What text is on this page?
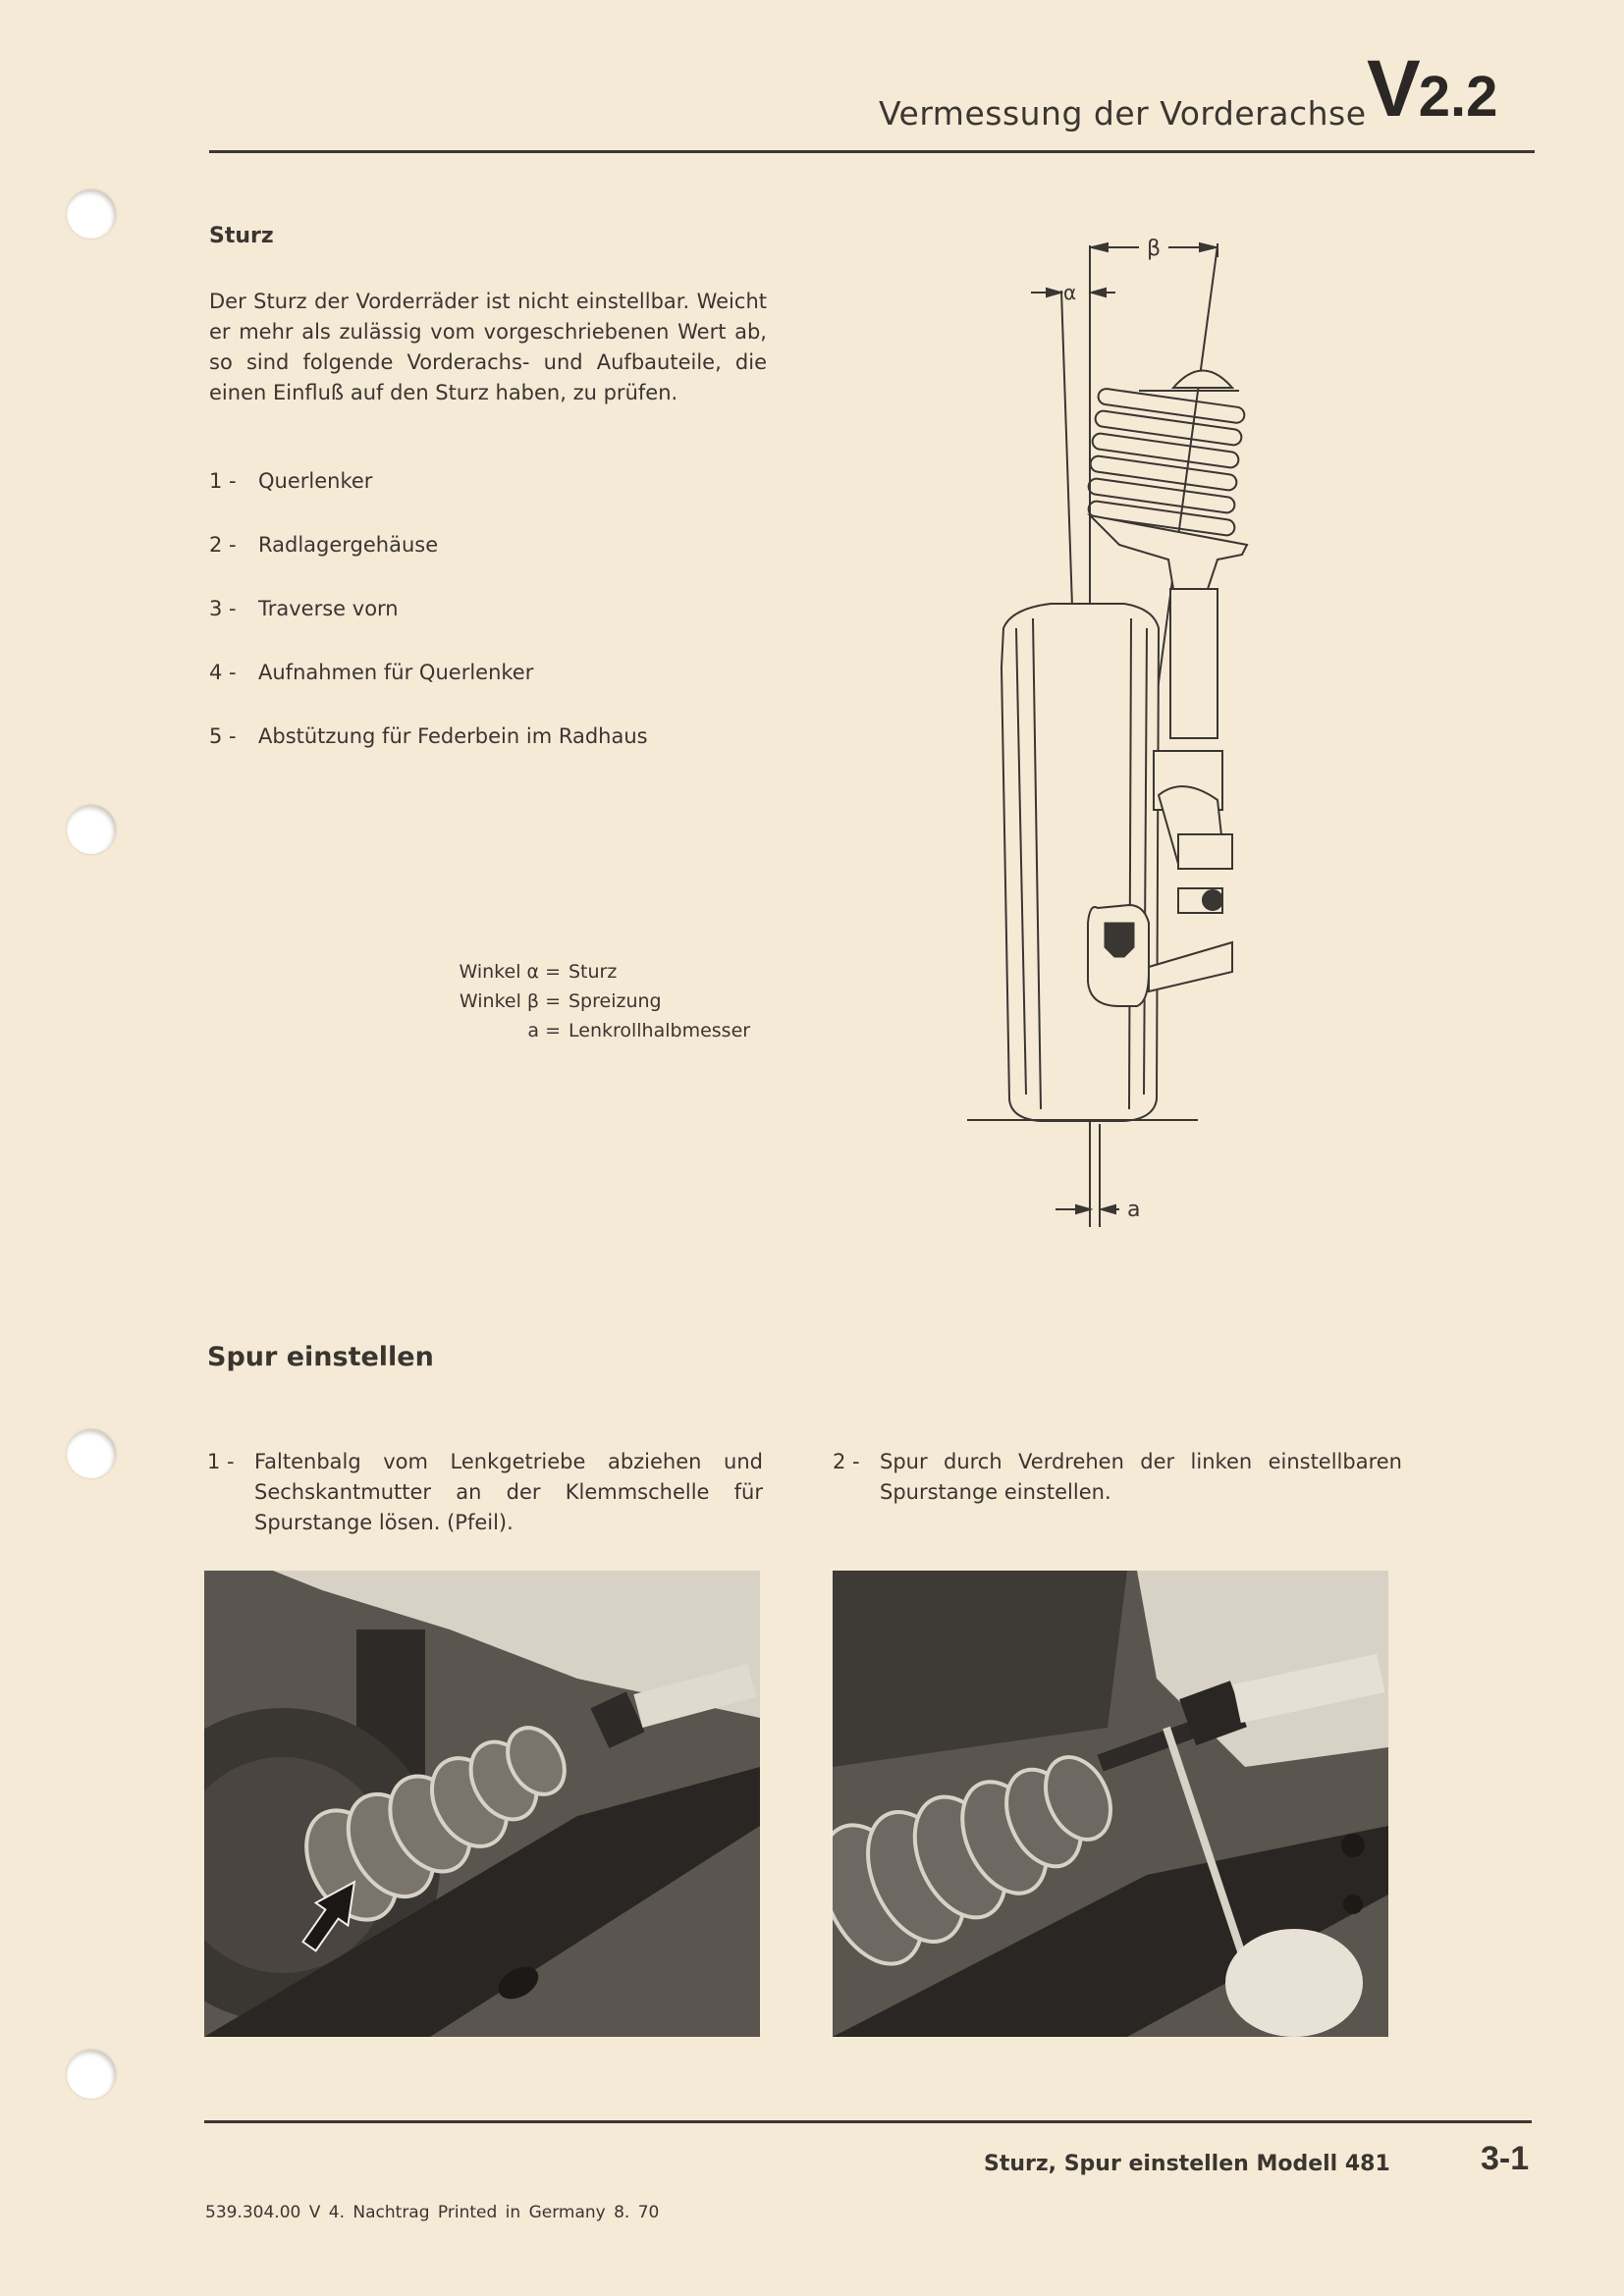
Vermessung der Vorderachse V2.2
Sturz
Der Sturz der Vorderräder ist nicht einstellbar. Weicht er mehr als zulässig vom vorgeschriebenen Wert ab, so sind folgende Vorderachs- und Aufbauteile, die einen Einfluß auf den Sturz haben, zu prüfen.
1 -	Querlenker
2 -	Radlagergehäuse
3 -	Traverse vorn
4 -	Aufnahmen für Querlenker
5 -	Abstützung für Federbein im Radhaus
β
α
a
Winkel α = Sturz
Winkel β = Spreizung
a = Lenkrollhalbmesser
Spur einstellen
1 - Faltenbalg vom Lenkgetriebe abziehen und Sechskantmutter an der Klemmschelle für Spurstange lösen. (Pfeil).
2 - Spur durch Verdrehen der linken einstellbaren Spurstange einstellen.
Sturz, Spur einstellen Modell 481	3-1
539.304.00 V 4. Nachtrag Printed in Germany 8. 70
